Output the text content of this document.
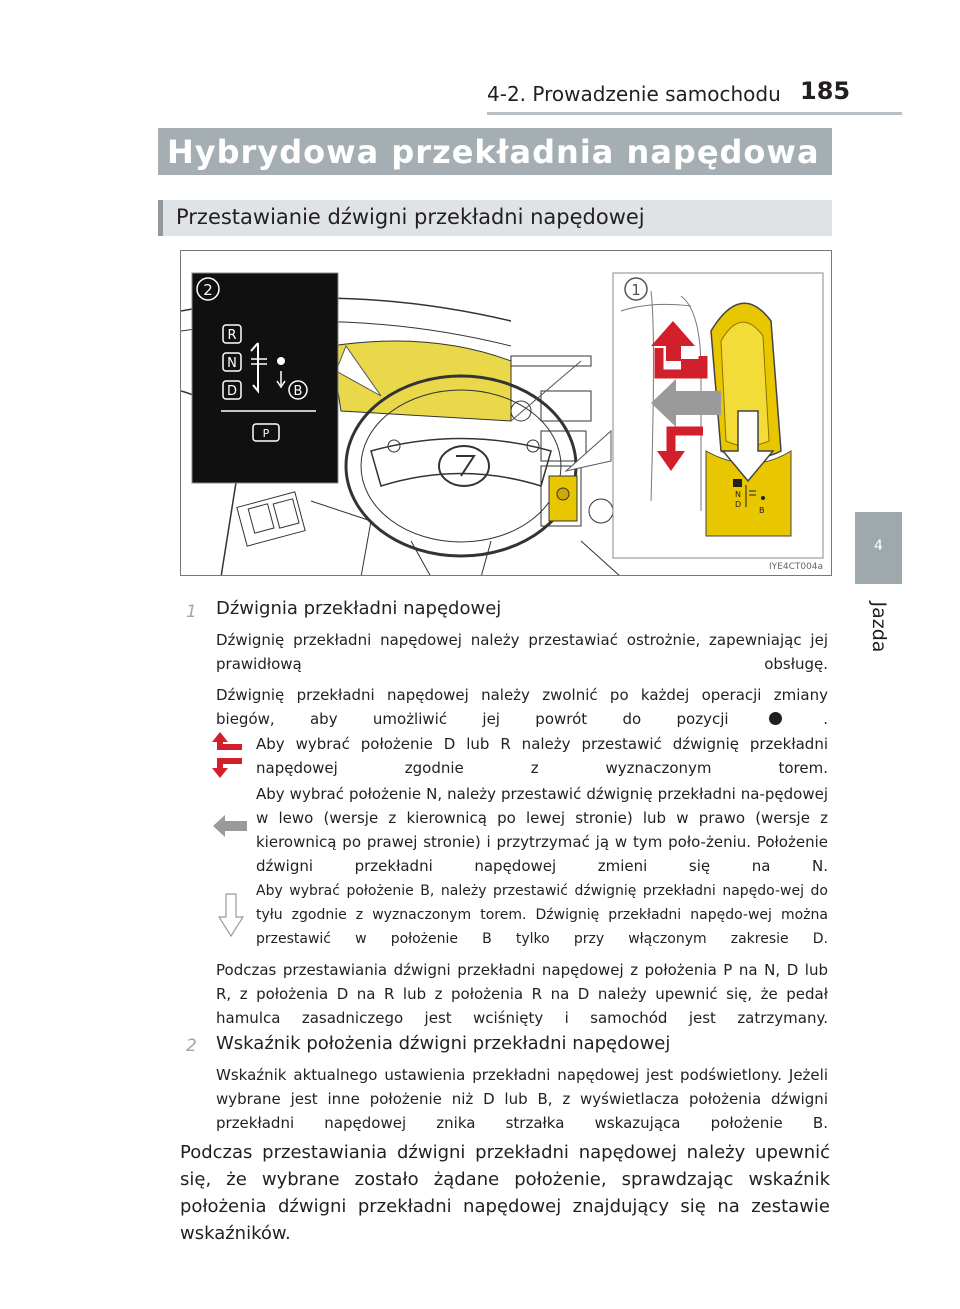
4-2. Prowadzenie samochodu 185
4
Jazda
Hybrydowa przekładnia napędowa
Przestawianie dźwigni przekładni napędowej
2
R
N
D	B
P
1
N
D
B
IYE4CT004a
1 Dźwignia przekładni napędowej
Dźwignię przekładni napędowej należy przestawiać ostrożnie, zapewniając jej prawidłową obsługę.
Dźwignię przekładni napędowej należy zwolnić po każdej operacji zmiany biegów, aby umożliwić jej powrót do pozycji	.
Aby wybrać położenie D lub R należy przestawić dźwignię przekładni napędowej zgodnie z wyznaczonym torem.
Aby wybrać położenie N, należy przestawić dźwignię przekładni na-pędowej w lewo (wersje z kierownicą po lewej stronie) lub w prawo (wersje z kierownicą po prawej stronie) i przytrzymać ją w tym poło-żeniu. Położenie dźwigni przekładni napędowej zmieni się na N.
Aby wybrać położenie B, należy przestawić dźwignię przekładni napędo-wej do tyłu zgodnie z wyznaczonym torem. Dźwignię przekładni napędo-wej można przestawić w położenie B tylko przy włączonym zakresie D.
Podczas przestawiania dźwigni przekładni napędowej z położenia P na N, D lub R, z położenia D na R lub z położenia R na D należy upewnić się, że pedał hamulca zasadniczego jest wciśnięty i samochód jest zatrzymany.
2 Wskaźnik położenia dźwigni przekładni napędowej
Wskaźnik aktualnego ustawienia przekładni napędowej jest podświetlony. Jeżeli wybrane jest inne położenie niż D lub B, z wyświetlacza położenia dźwigni przekładni napędowej znika strzałka wskazująca położenie B.
Podczas przestawiania dźwigni przekładni napędowej należy upewnić się, że wybrane zostało żądane położenie, sprawdzając wskaźnik położenia dźwigni przekładni napędowej znajdujący się na zestawie wskaźników.
